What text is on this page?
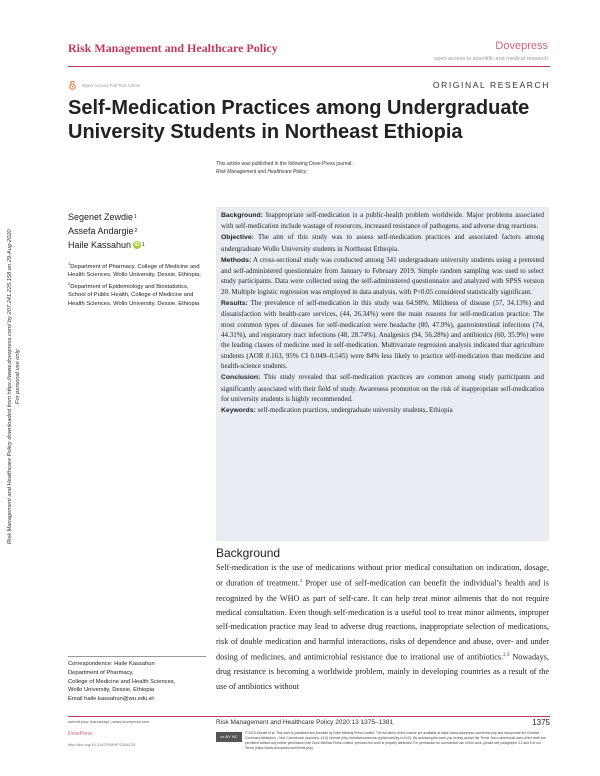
Risk Management and Healthcare Policy	Dovepress
open access to scientific and medical research
Open Access Full Text Article	ORIGINAL RESEARCH
Self-Medication Practices among Undergraduate
University Students in Northeast Ethiopia
Risk Management and Healthcare Policy downloaded from https://www.dovepress.com/ by 207.241.225.158 on 29-Aug-2020 For personal use only.
This article was published in the following Dove Press journal:
Risk Management and Healthcare Policy
Segenet Zewdie 1
Assefa Andargie 2
Haile Kassahun iD 1

$^1$Department of Pharmacy, College of Medicine and Health Sciences, Wollo University, Dessie, Ethiopia; $^2$Department of Epidemiology and Biostatistics, School of Public Health, College of Medicine and Health Sciences, Wollo University, Dessie, Ethiopia

Background: Inappropriate self-medication is a public-health problem worldwide. Major problems associated with self-medication include wastage of resources, increased resistance of pathogens, and adverse drug reactions.

Objective: The aim of this study was to assess self-medication practices and associated factors among undergraduate Wollo University students in Northeast Ethiopia.

Methods: A cross-sectional study was conducted among 341 undergraduate university students using a pretested and self-administered questionnaire from January to February 2019. Simple random sampling was used to select study participants. Data were collected using the self-administered questionnaire and analyzed with SPSS version 20. Multiple logistic regression was employed in data analysis, with P<0.05 considered statistically significant.

Results: The prevalence of self-medication in this study was 64.98%. Mildness of disease (57, 34.13%) and dissatisfaction with health-care services, (44, 26.34%) were the main reasons for self-medication practice. The most common types of diseases for self-medication were headache (80, 47.9%), gastrointestinal infections (74, 44.31%), and respiratory tract infections (48, 28.74%). Analgesics (94, 56.28%) and antibiotics (60, 35.9%) were the leading classes of medicine used in self-medication. Multivariate regression analysis indicated that agriculture students (AOR 0.163, 95% CI 0.049–0.545) were 84% less likely to practice self-medication than medicine and health-science students.

Conclusion: This study revealed that self-medication practices are common among study participants and significantly associated with their field of study. Awareness promotion on the risk of inappropriate self-medication for university students is highly recommended.

Keywords: self-medication practices, undergraduate university students, Ethiopia

Background
Self-medication is the use of medications without prior medical consultation on indication, dosage, or duration of treatment.$^1$ Proper use of self-medication can benefit the individual’s health and is recognized by the WHO as part of self-care. It can help treat minor ailments that do not require medical consultation. Even though self-medication is a useful tool to treat minor ailments, improper self-medication practice may lead to adverse drug reactions, inappropriate selection of medications, risk of double medication and harmful interactions, risks of dependence and abuse, over- and under dosing of medicines, and antimicrobial resistance due to irrational use of antibiotics.$^{2,3}$ Nowadays, drug resistance is becoming a worldwide problem, mainly in developing countries as a result of the use of antibiotics without
Correspondence: Haile Kassahun
Department of Pharmacy,
College of Medicine and Health Sciences,
Wollo University, Dessie, Ethiopia
Email haile.kassahun@wu.edu.et
submit your manuscript | www.dovepress.com
DovePress
http://doi.org/10.2147/RMHP.S264129
Risk Management and Healthcare Policy 2020:13 1375–1381	1375
cc BY NC
© 2020 Zewdie et al. This work is published and licensed by Dove Medical Press Limited. The full terms of this license are available at https://www.dovepress.com/terms.php and incorporate the Creative Commons Attribution – Non Commercial (unported, v3.0) License (http://creativecommons.org/licenses/by-nc/3.0/). By accessing the work you hereby accept the Terms. Non-commercial uses of the work are permitted without any further permission from Dove Medical Press Limited, provided the work is properly attributed. For permission for commercial use of this work, please see paragraphs 4.2 and 5 of our Terms (https://www.dovepress.com/terms.php).
